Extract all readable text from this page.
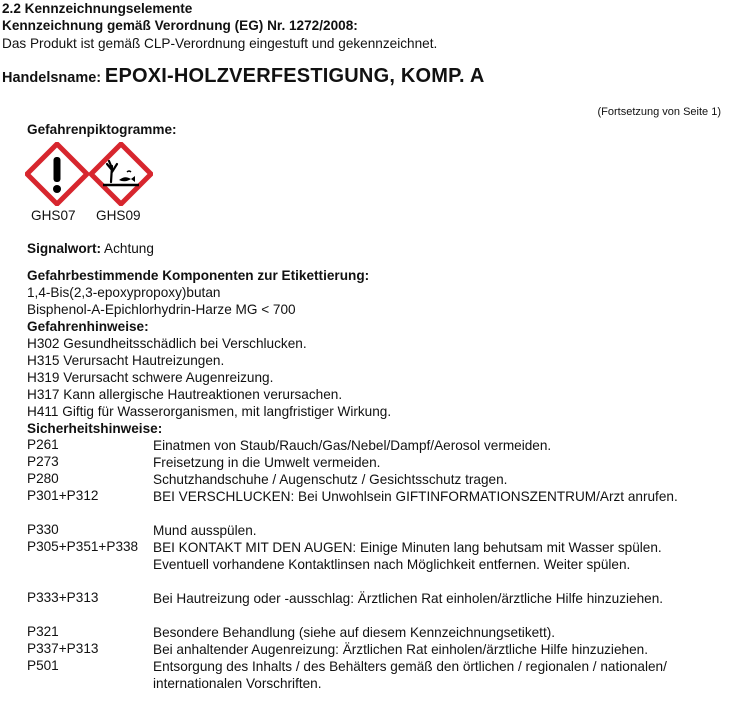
2.2 Kennzeichnungselemente
Kennzeichnung gemäß Verordnung (EG) Nr. 1272/2008:
Das Produkt ist gemäß CLP-Verordnung eingestuft und gekennzeichnet.
Handelsname: EPOXI-HOLZVERFESTIGUNG, KOMP. A
(Fortsetzung von Seite 1)
Gefahrenpiktogramme:
GHS07 GHS09
Signalwort: Achtung
Gefahrbestimmende Komponenten zur Etikettierung:
1,4-Bis(2,3-epoxypropoxy)butan
Bisphenol-A-Epichlorhydrin-Harze MG < 700
Gefahrenhinweise:
H302 Gesundheitsschädlich bei Verschlucken.
H315 Verursacht Hautreizungen.
H319 Verursacht schwere Augenreizung.
H317 Kann allergische Hautreaktionen verursachen.
H411 Giftig für Wasserorganismen, mit langfristiger Wirkung.
Sicherheitshinweise:
P261	Einatmen von Staub/Rauch/Gas/Nebel/Dampf/Aerosol vermeiden.
P273	Freisetzung in die Umwelt vermeiden.
P280	Schutzhandschuhe / Augenschutz / Gesichtsschutz tragen.
P301+P312	BEI VERSCHLUCKEN: Bei Unwohlsein GIFTINFORMATIONSZENTRUM/Arzt anrufen.
P330	Mund ausspülen.
P305+P351+P338 BEI KONTAKT MIT DEN AUGEN: Einige Minuten lang behutsam mit Wasser spülen. Eventuell vorhandene Kontaktlinsen nach Möglichkeit entfernen. Weiter spülen.
P333+P313	Bei Hautreizung oder -ausschlag: Ärztlichen Rat einholen/ärztliche Hilfe hinzuziehen.
P321	Besondere Behandlung (siehe auf diesem Kennzeichnungsetikett).
P337+P313	Bei anhaltender Augenreizung: Ärztlichen Rat einholen/ärztliche Hilfe hinzuziehen.
P501	Entsorgung des Inhalts / des Behälters gemäß den örtlichen / regionalen / nationalen/ internationalen Vorschriften.
